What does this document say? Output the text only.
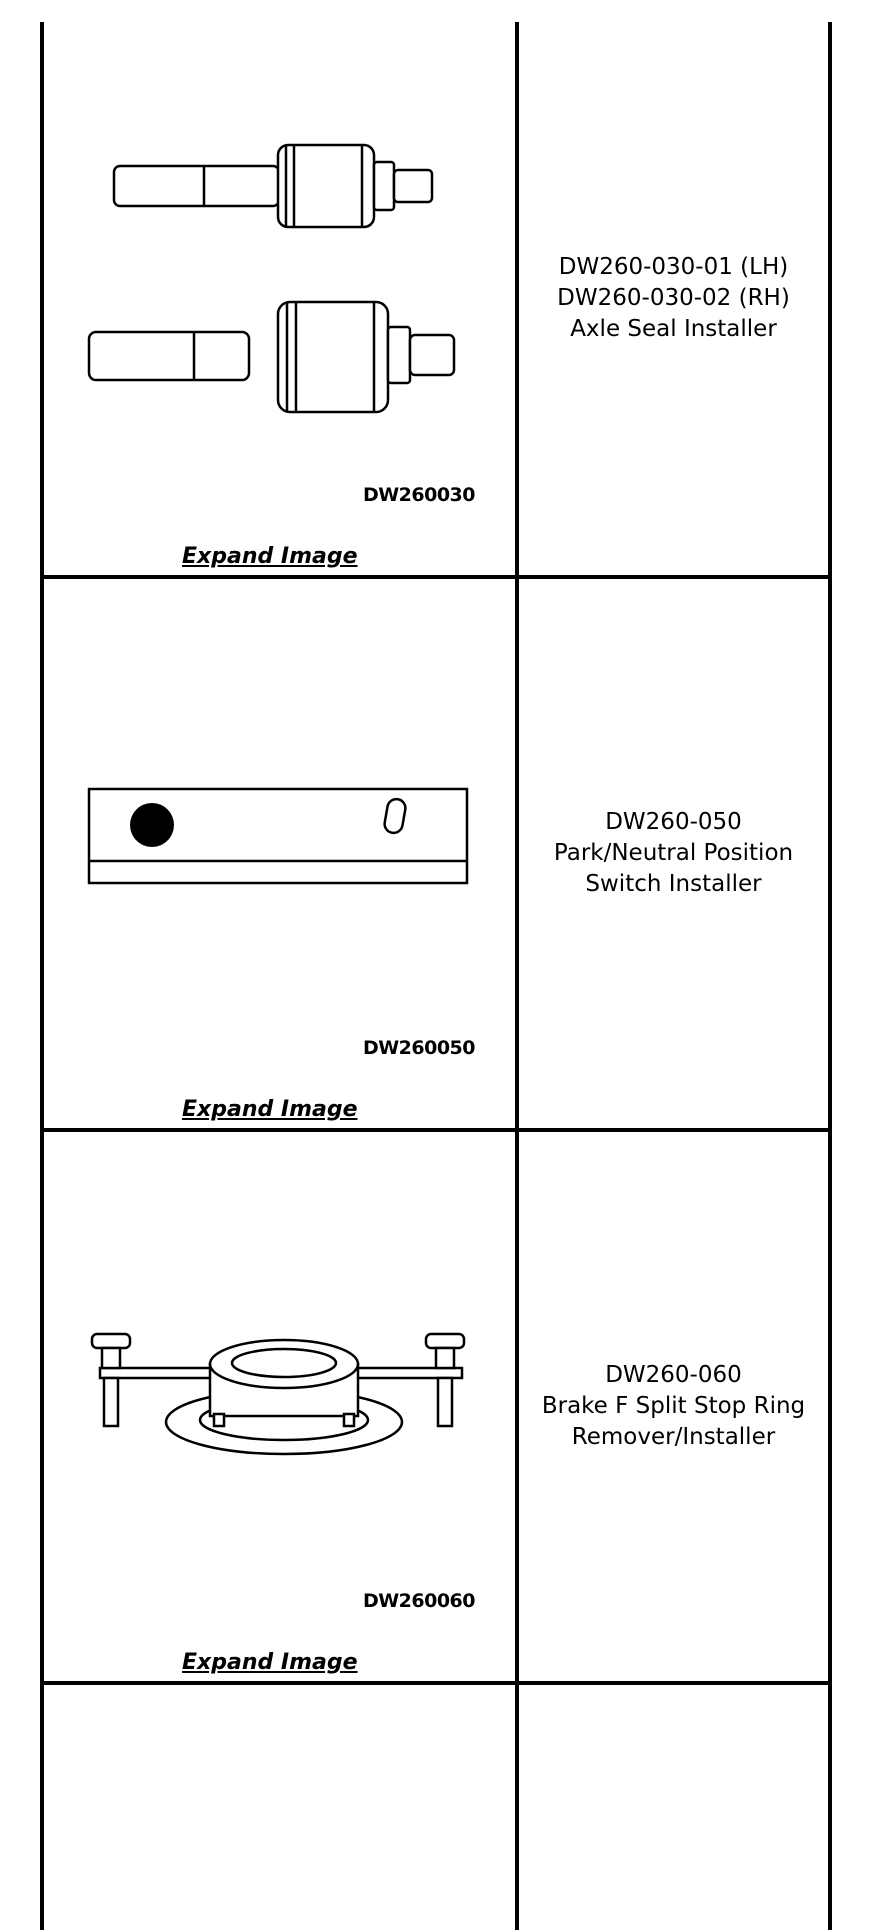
DW260030
Expand Image
DW260-030-01 (LH)
DW260-030-02 (RH)
Axle Seal Installer
DW260050
Expand Image
DW260-050
Park/Neutral Position
Switch Installer
DW260060
Expand Image
DW260-060
Brake F Split Stop Ring
Remover/Installer
